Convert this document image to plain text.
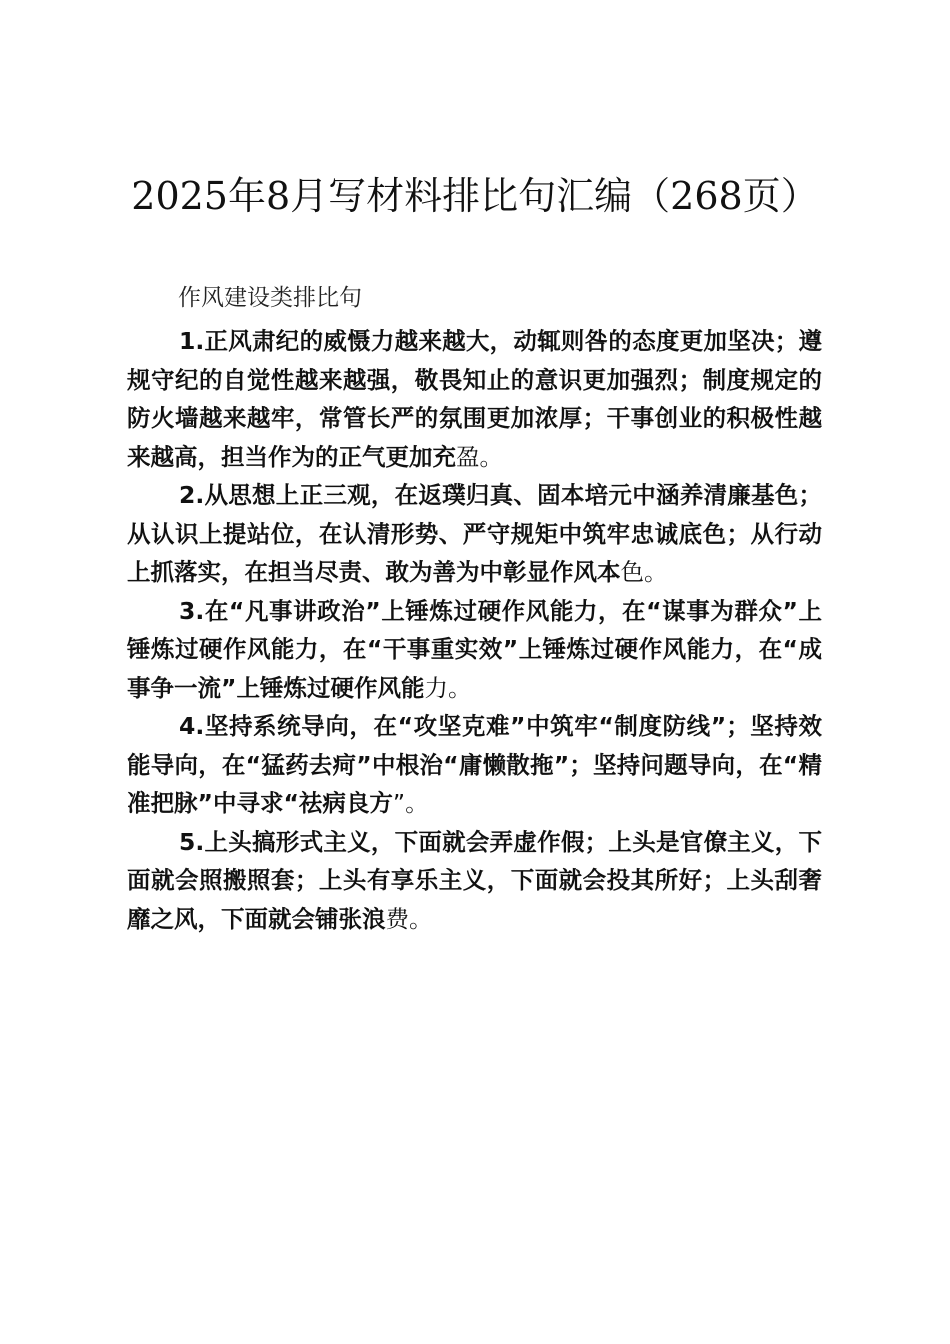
2025年8月写材料排比句汇编（268页）

作风建设类排比句

1.正风肃纪的威慑力越来越大，动辄则咎的态度更加坚决；遵规守纪的自觉性越来越强，敬畏知止的意识更加强烈；制度规定的防火墙越来越牢，常管长严的氛围更加浓厚；干事创业的积极性越来越高，担当作为的正气更加充盈。

2.从思想上正三观，在返璞归真、固本培元中涵养清廉基色；从认识上提站位，在认清形势、严守规矩中筑牢忠诚底色；从行动上抓落实，在担当尽责、敢为善为中彰显作风本色。

3.在“凡事讲政治”上锤炼过硬作风能力，在“谋事为群众”上锤炼过硬作风能力，在“干事重实效”上锤炼过硬作风能力，在“成事争一流”上锤炼过硬作风能力。

4.坚持系统导向，在“攻坚克难”中筑牢“制度防线”；坚持效能导向，在“猛药去疴”中根治“庸懒散拖”；坚持问题导向，在“精准把脉”中寻求“祛病良方”。

5.上头搞形式主义，下面就会弄虚作假；上头是官僚主义，下面就会照搬照套；上头有享乐主义，下面就会投其所好；上头刮奢靡之风，下面就会铺张浪费。
